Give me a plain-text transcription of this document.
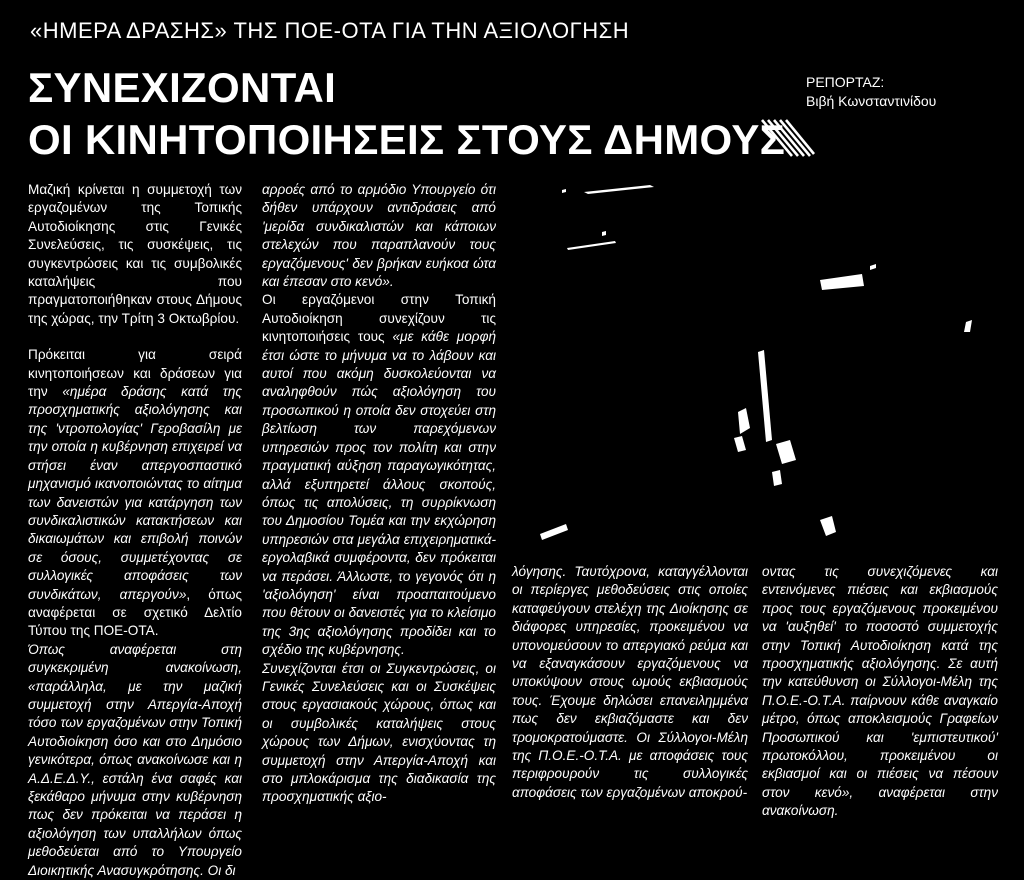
«ΗΜΕΡΑ ΔΡΑΣΗΣ» ΤΗΣ ΠΟΕ-ΟΤΑ ΓΙΑ ΤΗΝ ΑΞΙΟΛΟΓΗΣΗ
ΣΥΝΕΧΙΖΟΝΤΑΙ
ΟΙ ΚΙΝΗΤΟΠΟΙΗΣΕΙΣ ΣΤΟΥΣ ΔΗΜΟΥΣ
ΡΕΠΟΡΤΑΖ:
Βιβή Κωνσταντινίδου

Μαζική κρίνεται η συμμετοχή των εργαζομένων της Τοπικής Αυτοδιοίκησης στις Γενικές Συνελεύσεις, τις συσκέψεις, τις συγκεντρώσεις και τις συμβολικές καταλήψεις που πραγματοποιήθηκαν στους Δήμους της χώρας, την Τρίτη 3 Οκτωβρίου.

Πρόκειται για σειρά κινητοποιήσεων και δράσεων για την «ημέρα δράσης κατά της προσχηματικής αξιολόγησης και της 'ντροπολογίας' Γεροβασίλη με την οποία η κυβέρνηση επιχειρεί να στήσει έναν απεργοσπαστικό μηχανισμό ικανοποιώντας το αίτημα των δανειστών για κατάργηση των συνδικαλιστικών κατακτήσεων και δικαιωμάτων και επιβολή ποινών σε όσους, συμμετέχοντας σε συλλογικές αποφάσεις των συνδικάτων, απεργούν», όπως αναφέρεται σε σχετικό Δελτίο Τύπου της ΠΟΕ-ΟΤΑ.

Όπως αναφέρεται στη συγκεκριμένη ανακοίνωση, «παράλληλα, με την μαζική συμμετοχή στην Απεργία-Αποχή τόσο των εργαζομένων στην Τοπική Αυτοδιοίκηση όσο και στο Δημόσιο γενικότερα, όπως ανακοίνωσε και η Α.Δ.Ε.Δ.Υ., εστάλη ένα σαφές και ξεκάθαρο μήνυμα στην κυβέρνηση πως δεν πρόκειται να περάσει η αξιολόγηση των υπαλλήλων όπως μεθοδεύεται από το Υπουργείο Διοικητικής Ανασυγκρότησης. Οι δι

αρροές από το αρμόδιο Υπουργείο ότι δήθεν υπάρχουν αντιδράσεις από 'μερίδα συνδικαλιστών και κάποιων στελεχών που παραπλανούν τους εργαζόμενους' δεν βρήκαν ευήκοα ώτα και έπεσαν στο κενό».

Οι εργαζόμενοι στην Τοπική Αυτοδιοίκηση συνεχίζουν τις κινητοποιήσεις τους «με κάθε μορφή έτσι ώστε το μήνυμα να το λάβουν και αυτοί που ακόμη δυσκολεύονται να αναληφθούν πώς αξιολόγηση του προσωπικού η οποία δεν στοχεύει στη βελτίωση των παρεχόμενων υπηρεσιών προς τον πολίτη και στην πραγματική αύξηση παραγωγικότητας, αλλά εξυπηρετεί άλλους σκοπούς, όπως τις απολύσεις, τη συρρίκνωση του Δημοσίου Τομέα και την εκχώρηση υπηρεσιών στα μεγάλα επιχειρηματικά-εργολαβικά συμφέροντα, δεν πρόκειται να περάσει. Άλλωστε, το γεγονός ότι η 'αξιολόγηση' είναι προαπαιτούμενο που θέτουν οι δανειστές για το κλείσιμο της 3ης αξιολόγησης προδίδει και το σχέδιο της κυβέρνησης.

Συνεχίζονται έτσι οι Συγκεντρώσεις, οι Γενικές Συνελεύσεις και οι Συσκέψεις στους εργασιακούς χώρους, όπως και οι συμβολικές καταλήψεις στους χώρους των Δήμων, ενισχύοντας τη συμμετοχή στην Απεργία-Αποχή και στο μπλοκάρισμα της διαδικασία της προσχηματικής αξιο-

λόγησης. Ταυτόχρονα, καταγγέλλονται οι περίεργες μεθοδεύσεις στις οποίες καταφεύγουν στελέχη της Διοίκησης σε διάφορες υπηρεσίες, προκειμένου να υπονομεύσουν το απεργιακό ρεύμα και να εξαναγκάσουν εργαζόμενους να υποκύψουν στους ωμούς εκβιασμούς τους. Έχουμε δηλώσει επανειλημμένα πως δεν εκβιαζόμαστε και δεν τρομοκρατούμαστε. Οι Σύλλογοι-Μέλη της Π.Ο.Ε.-Ο.Τ.Α. με αποφάσεις τους περιφρουρούν τις συλλογικές αποφάσεις των εργαζομένων αποκρού-

οντας τις συνεχιζόμενες και εντεινόμενες πιέσεις και εκβιασμούς προς τους εργαζόμενους προκειμένου να 'αυξηθεί' το ποσοστό συμμετοχής στην Τοπική Αυτοδιοίκηση κατά της προσχηματικής αξιολόγησης. Σε αυτή την κατεύθυνση οι Σύλλογοι-Μέλη της Π.Ο.Ε.-Ο.Τ.Α. παίρνουν κάθε αναγκαίο μέτρο, όπως αποκλεισμούς Γραφείων Προσωπικού και 'εμπιστευτικού' πρωτοκόλλου, προκειμένου οι εκβιασμοί και οι πιέσεις να πέσουν στον κενό», αναφέρεται στην ανακοίνωση.
